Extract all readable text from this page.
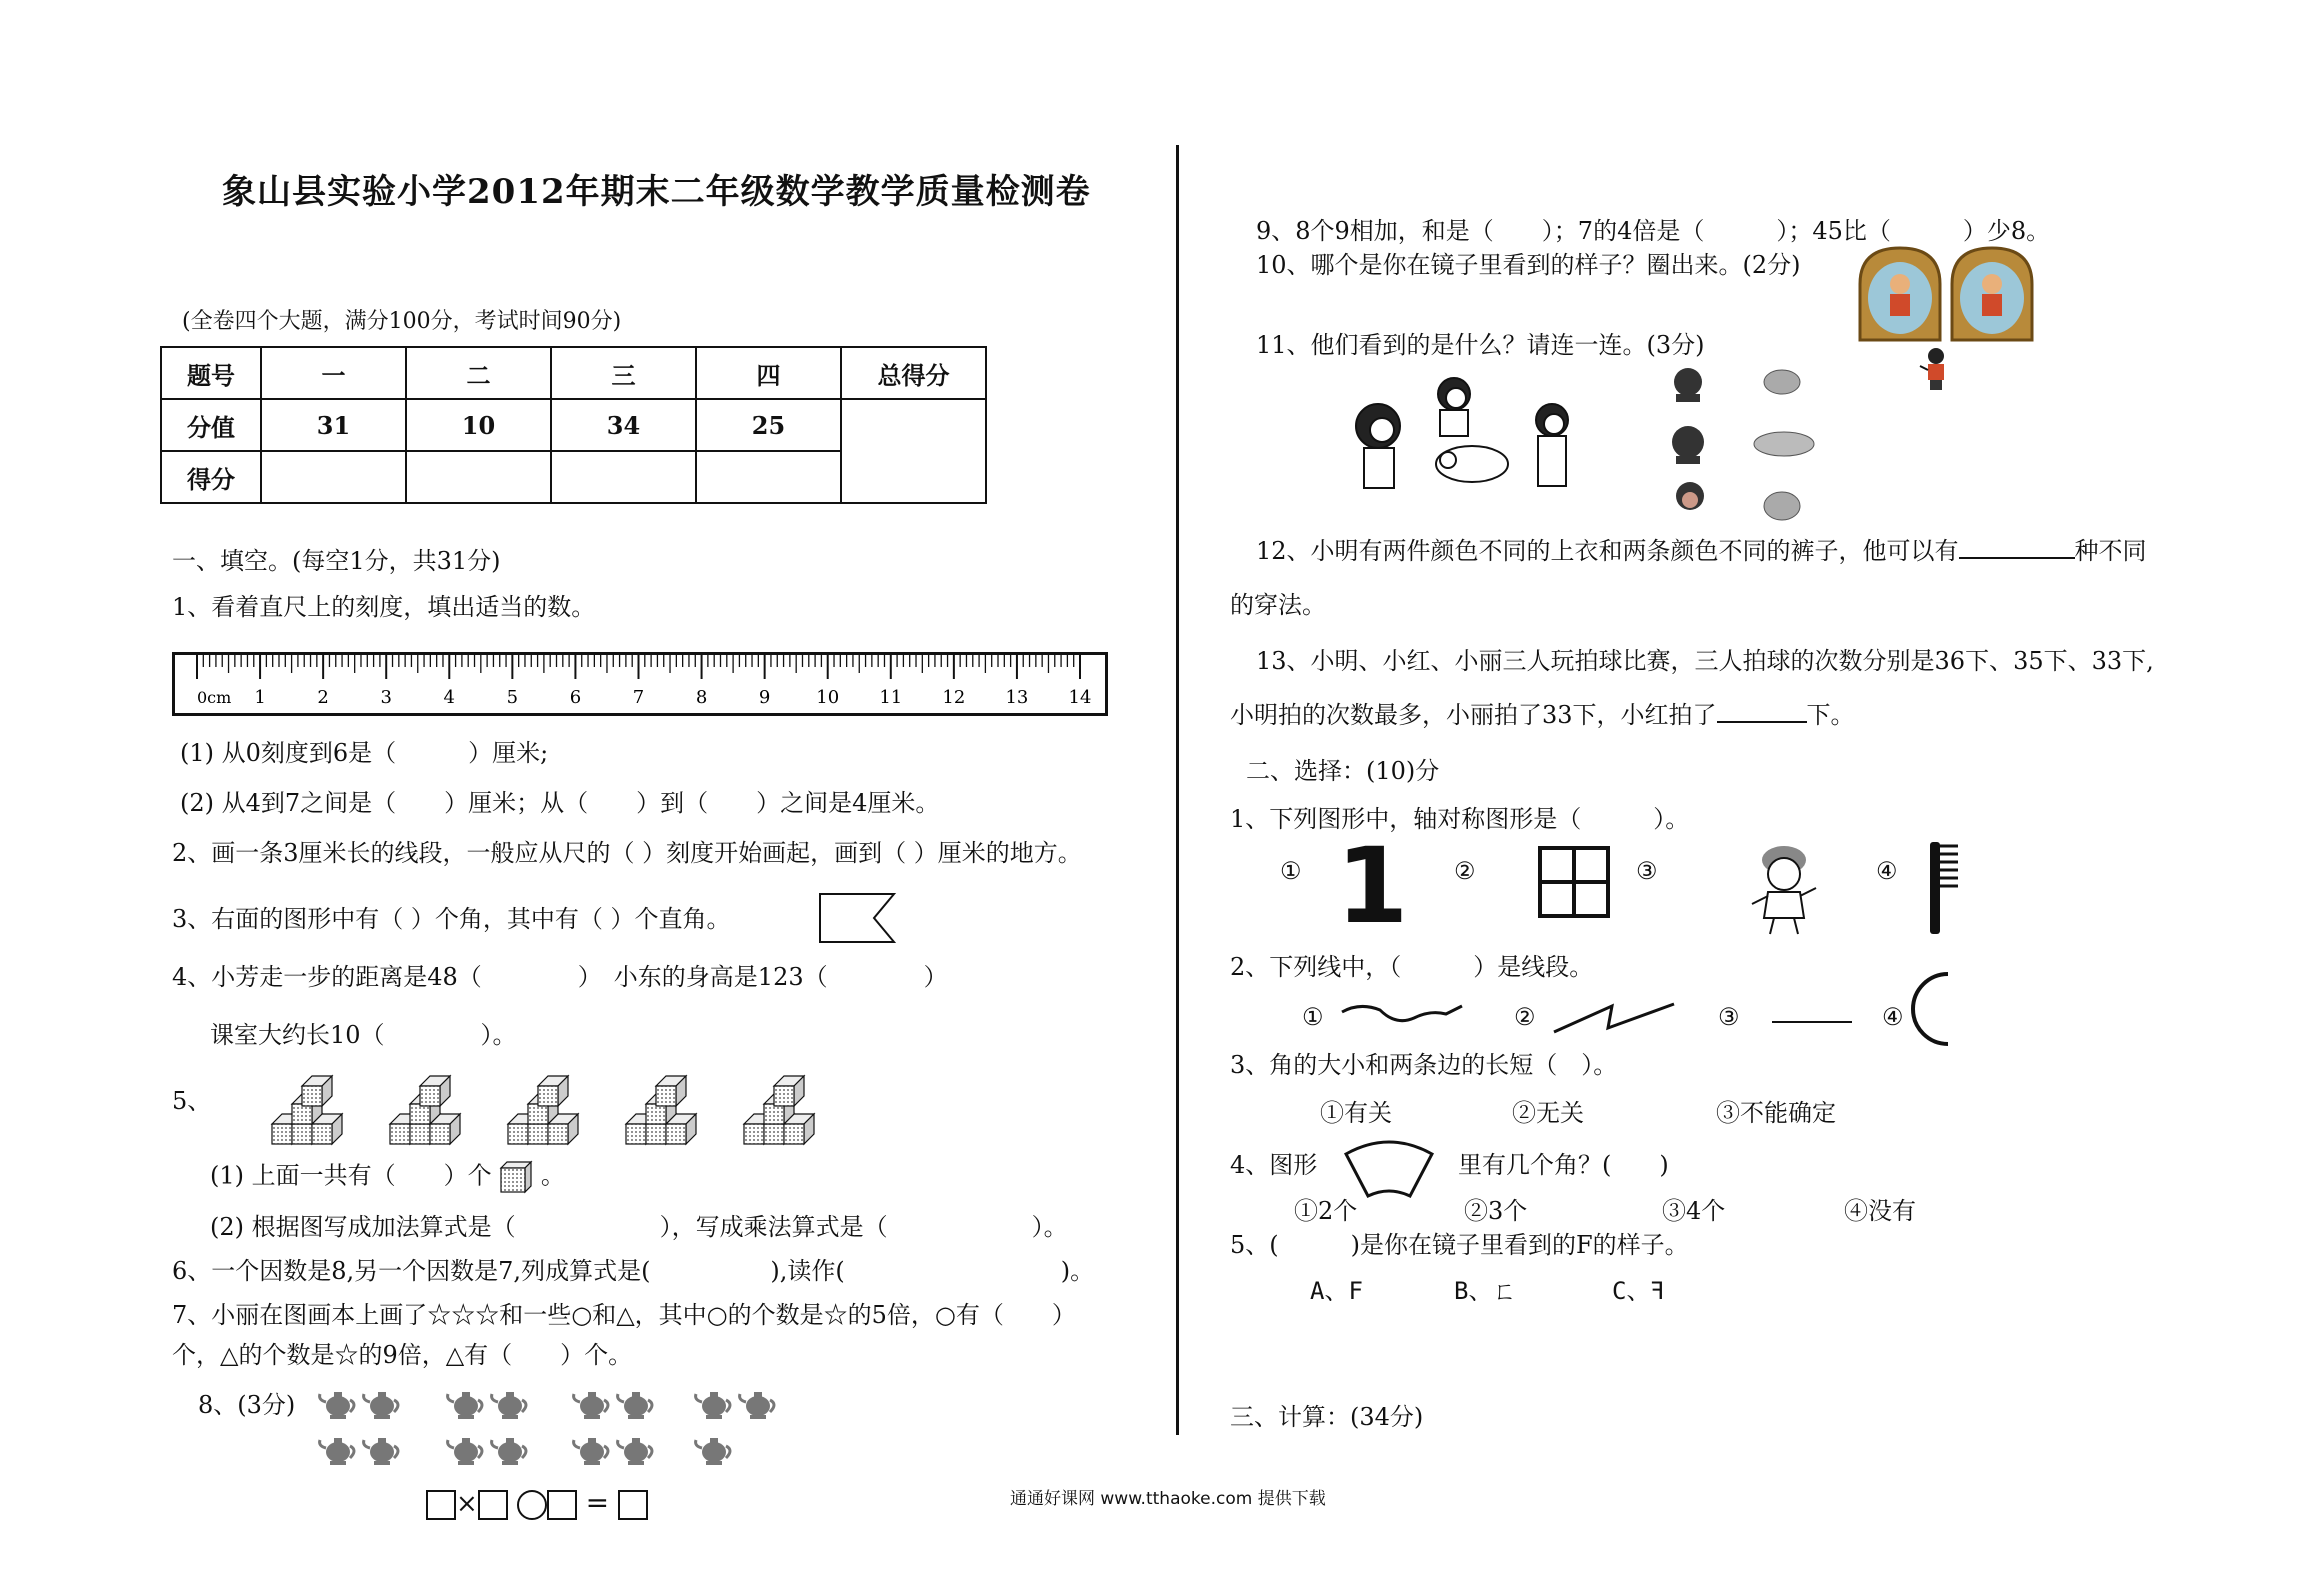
象山县实验小学2012年期末二年级数学教学质量检测卷
(全卷四个大题，满分100分，考试时间90分)
题号	一	二	三	四	总得分
分值	31	10	34	25	
得分					
一、填空。(每空1分，共31分)
1、看着直尺上的刻度，填出适当的数。
0cm 1	2	3	4	5	6	7	8	9	10 11 12 13 14
(1) 从0刻度到6是（　　　）厘米;
(2) 从4到7之间是（　　）厘米；从（　　）到（　　）之间是4厘米。
2、画一条3厘米长的线段，一般应从尺的（ ）刻度开始画起，画到（ ）厘米的地方。
3、右面的图形中有（ ）个角，其中有（ ）个直角。
4、小芳走一步的距离是48（　　　　）　小东的身高是123（　　　　）
课室大约长10（　　　　）。
5、
(1) 上面一共有（　　）个 。
(2) 根据图写成加法算式是（　　　　　　），写成乘法算式是（　　　　　　）。
6、一个因数是8,另一个因数是7,列成算式是(　　　　　),读作(　　　　　　　　　)。
7、小丽在图画本上画了☆☆☆和一些○和△，其中○的个数是☆的5倍，○有（　　）
个，△的个数是☆的9倍，△有（　　）个。
8、(3分)
×	=	通通好课网 www.tthaoke.com 提供下载
9、8个9相加，和是（　　）；7的4倍是（　　　）；45比（　　　）少8。
10、哪个是你在镜子里看到的样子？圈出来。(2分)
11、他们看到的是什么？请连一连。(3分)
12、小明有两件颜色不同的上衣和两条颜色不同的裤子，他可以有	种不同
的穿法。
13、小明、小红、小丽三人玩拍球比赛，三人拍球的次数分别是36下、35下、33下,
小明拍的次数最多，小丽拍了33下，小红拍了	下。
二、选择：(10)分
1、下列图形中，轴对称图形是（　　　）。
① 1 ②	③	④
2、下列线中，（　　　）是线段。
①	②	③	④
3、角的大小和两条边的长短（　）。
①有关	②无关	③不能确定
4、图形	里有几个角？(　　)
①2个	②3个	③4个	④没有
5、(　　　)是你在镜子里看到的F的样子。
A、F	B、ㄈ	C、ꟻ
三、计算：(34分)
